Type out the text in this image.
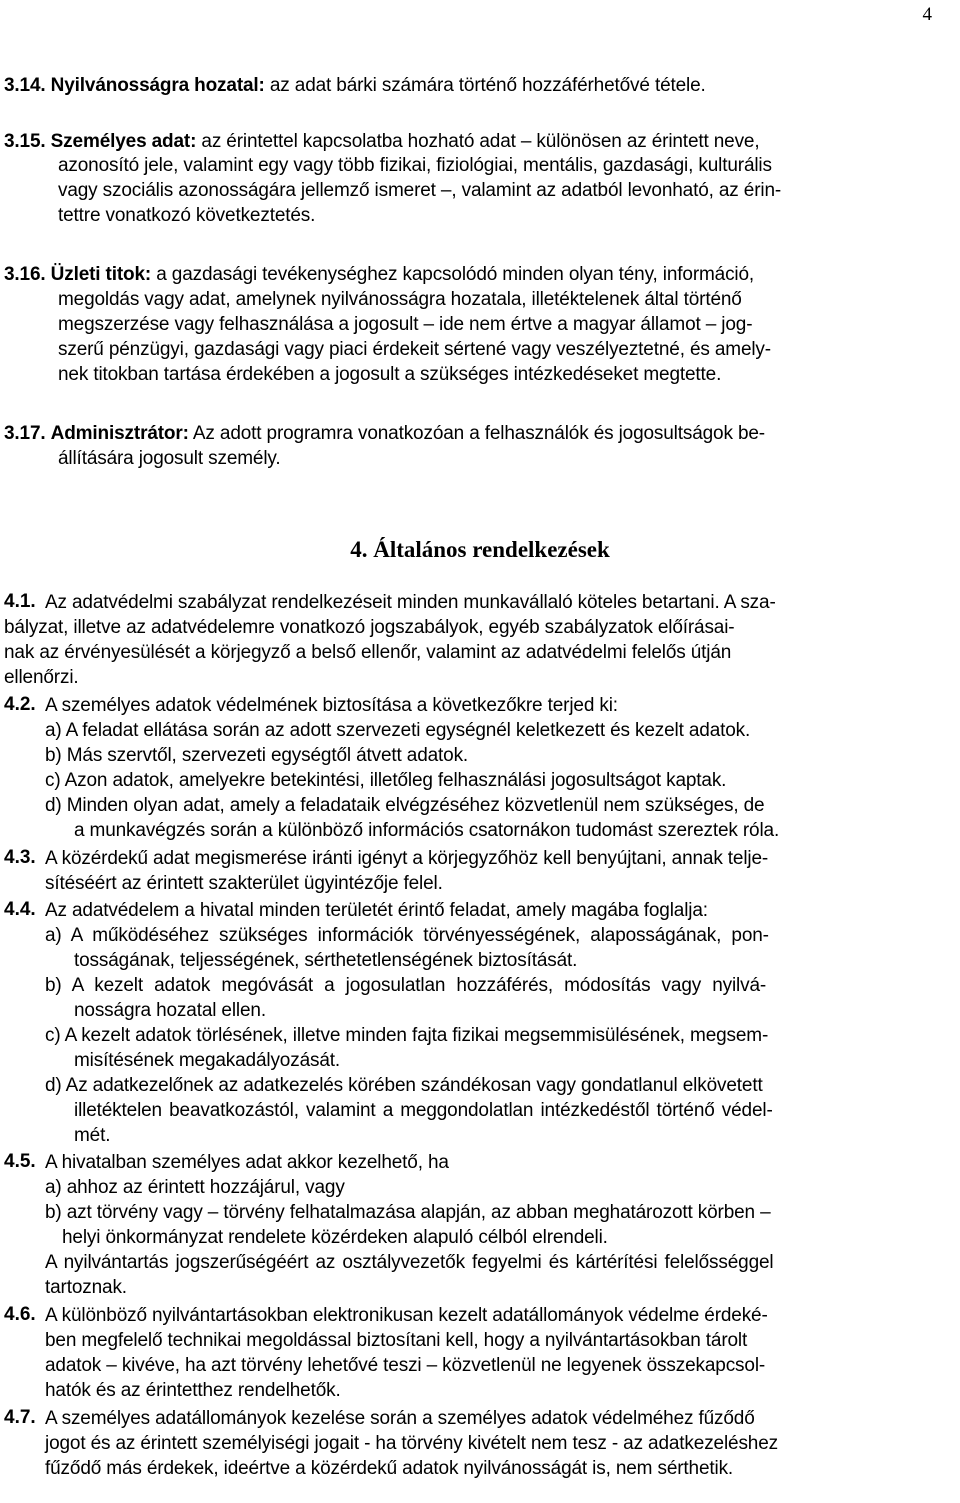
4
3.14. Nyilvánosságra hozatal: az adat bárki számára történő hozzáférhetővé tétele.
3.15. Személyes adat: az érintettel kapcsolatba hozható adat – különösen az érintett neve,
azonosító jele, valamint egy vagy több fizikai, fiziológiai, mentális, gazdasági, kulturális
vagy szociális azonosságára jellemző ismeret –, valamint az adatból levonható, az érin-
tettre vonatkozó következtetés.
3.16. Üzleti titok: a gazdasági tevékenységhez kapcsolódó minden olyan tény, információ,
megoldás vagy adat, amelynek nyilvánosságra hozatala, illetéktelenek által történő
megszerzése vagy felhasználása a jogosult – ide nem értve a magyar államot – jog-
szerű pénzügyi, gazdasági vagy piaci érdekeit sértené vagy veszélyeztetné, és amely-
nek titokban tartása érdekében a jogosult a szükséges intézkedéseket megtette.
3.17. Adminisztrátor: Az adott programra vonatkozóan a felhasználók és jogosultságok be-
állítására jogosult személy.
4. Általános rendelkezések
4.1. Az adatvédelmi szabályzat rendelkezéseit minden munkavállaló köteles betartani. A sza-
bályzat, illetve az adatvédelemre vonatkozó jogszabályok, egyéb szabályzatok előírásai-
nak az érvényesülését a körjegyző a belső ellenőr, valamint az adatvédelmi felelős útján
ellenőrzi.
4.2. A személyes adatok védelmének biztosítása a következőkre terjed ki:
a) A feladat ellátása során az adott szervezeti egységnél keletkezett és kezelt adatok.
b) Más szervtől, szervezeti egységtől átvett adatok.
c) Azon adatok, amelyekre betekintési, illetőleg felhasználási jogosultságot kaptak.
d) Minden olyan adat, amely a feladataik elvégzéséhez közvetlenül nem szükséges, de
a munkavégzés során a különböző információs csatornákon tudomást szereztek róla.
4.3. A közérdekű adat megismerése iránti igényt a körjegyzőhöz kell benyújtani, annak telje-
sítéséért az érintett szakterület ügyintézője felel.
4.4. Az adatvédelem a hivatal minden területét érintő feladat, amely magába foglalja:
a) A működéséhez szükséges információk törvényességének, alaposságának, pon-
tosságának, teljességének, sérthetetlenségének biztosítását.
b) A kezelt adatok megóvását a jogosulatlan hozzáférés, módosítás vagy nyilvá-
nosságra hozatal ellen.
c) A kezelt adatok törlésének, illetve minden fajta fizikai megsemmisülésének, megsem-
misítésének megakadályozását.
d) Az adatkezelőnek az adatkezelés körében szándékosan vagy gondatlanul elkövetett
illetéktelen beavatkozástól, valamint a meggondolatlan intézkedéstől történő védel-
mét.
4.5. A hivatalban személyes adat akkor kezelhető, ha
a) ahhoz az érintett hozzájárul, vagy
b) azt törvény vagy – törvény felhatalmazása alapján, az abban meghatározott körben –
helyi önkormányzat rendelete közérdeken alapuló célból elrendeli.
A nyilvántartás jogszerűségéért az osztályvezetők fegyelmi és kártérítési felelősséggel
tartoznak.
4.6. A különböző nyilvántartásokban elektronikusan kezelt adatállományok védelme érdeké-
ben megfelelő technikai megoldással biztosítani kell, hogy a nyilvántartásokban tárolt
adatok – kivéve, ha azt törvény lehetővé teszi – közvetlenül ne legyenek összekapcsol-
hatók és az érintetthez rendelhetők.
4.7. A személyes adatállományok kezelése során a személyes adatok védelméhez fűződő
jogot és az érintett személyiségi jogait - ha törvény kivételt nem tesz - az adatkezeléshez
fűződő más érdekek, ideértve a közérdekű adatok nyilvánosságát is, nem sérthetik.
